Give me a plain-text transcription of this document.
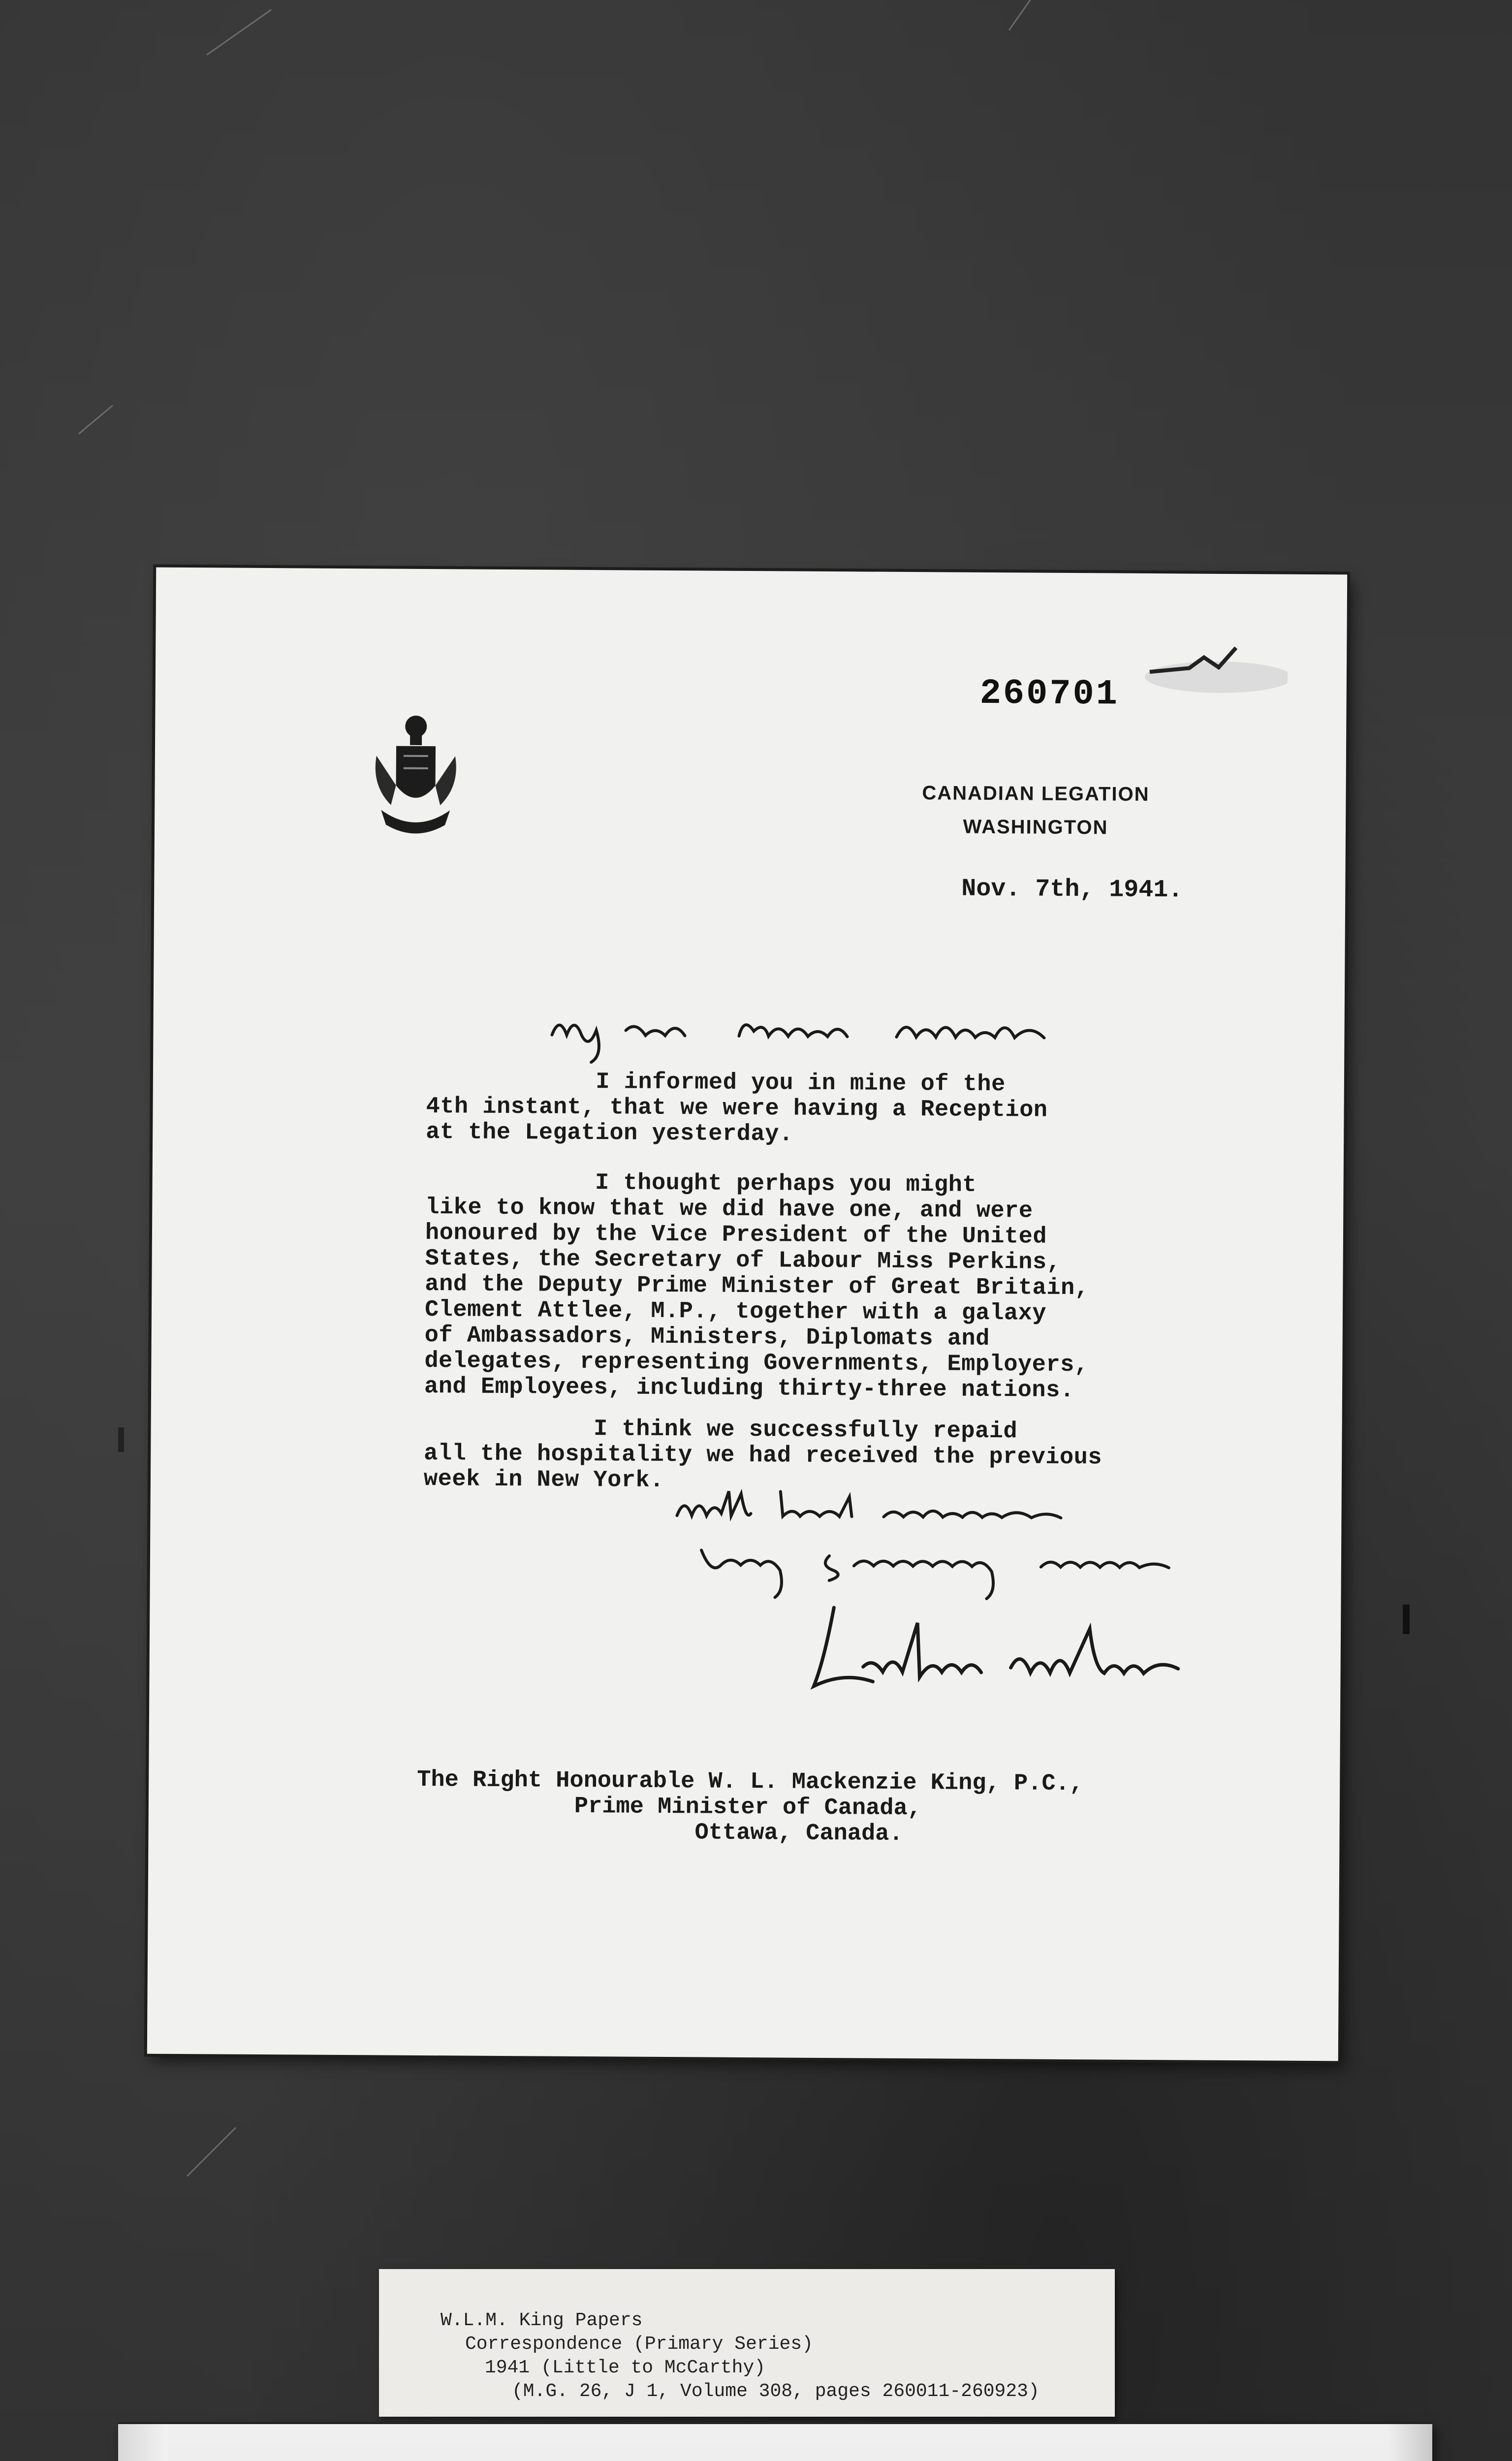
260701
CANADIAN LEGATION
WASHINGTON
Nov. 7th, 1941.
I informed you in mine of the
4th instant, that we were having a Reception
at the Legation yesterday.
I thought perhaps you might
like to know that we did have one, and were
honoured by the Vice President of the United
States, the Secretary of Labour Miss Perkins,
and the Deputy Prime Minister of Great Britain,
Clement Attlee, M.P., together with a galaxy
of Ambassadors, Ministers, Diplomats and
delegates, representing Governments, Employers,
and Employees, including thirty-three nations.
I think we successfully repaid
all the hospitality we had received the previous
week in New York.
The Right Honourable W. L. Mackenzie King, P.C.,
Prime Minister of Canada,
Ottawa, Canada.
W.L.M. King Papers
Correspondence (Primary Series)
1941 (Little to McCarthy)
(M.G. 26, J 1, Volume 308, pages 260011-260923)
